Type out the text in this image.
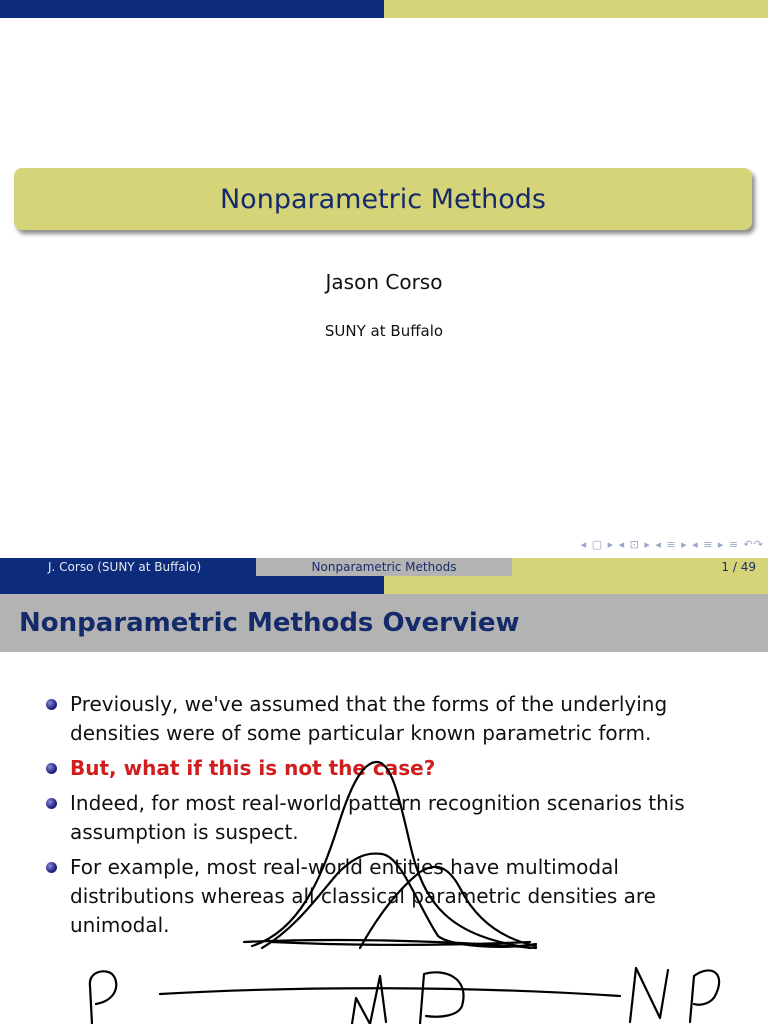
Nonparametric Methods
Jason Corso
SUNY at Buffalo
◂ ▢ ▸ ◂ ⊡ ▸ ◂ ≡ ▸ ◂ ≡ ▸ ≡ ↶↷
J. Corso (SUNY at Buffalo)	Nonparametric Methods	1 / 49
Nonparametric Methods Overview
Previously, we've assumed that the forms of the underlying densities were of some particular known parametric form.
But, what if this is not the case?
Indeed, for most real-world pattern recognition scenarios this assumption is suspect.
For example, most real-world entities have multimodal distributions whereas all classical parametric densities are unimodal.
